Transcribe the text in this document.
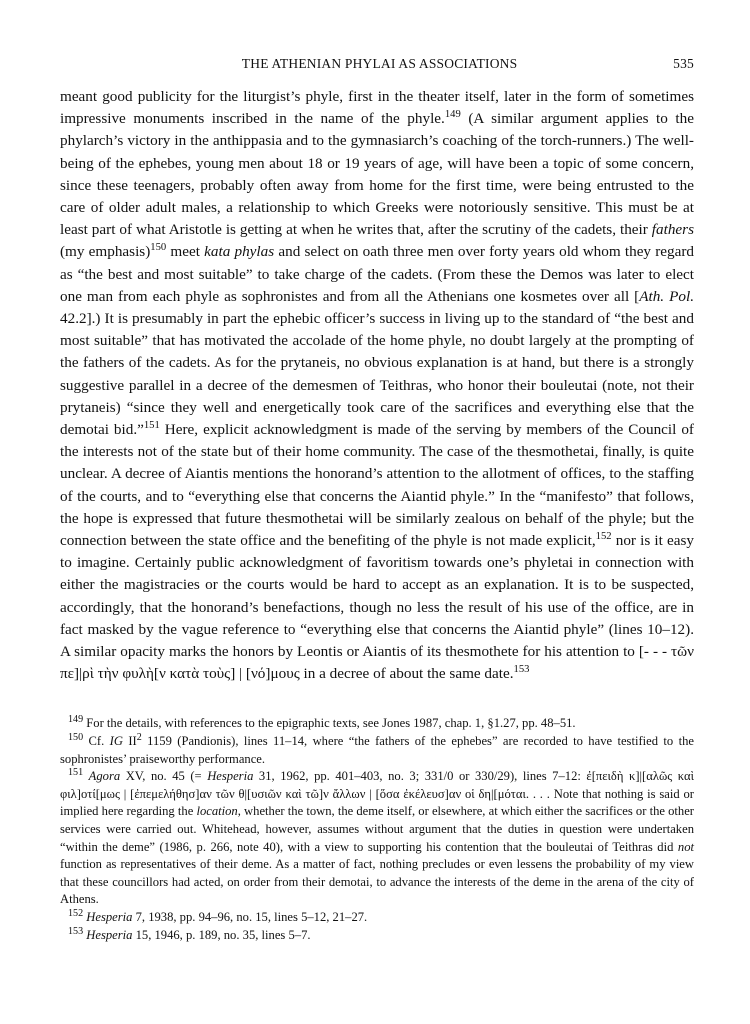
THE ATHENIAN PHYLAI AS ASSOCIATIONS	535

meant good publicity for the liturgist’s phyle, first in the theater itself, later in the form of sometimes impressive monuments inscribed in the name of the phyle.$^{149}$ (A similar argument applies to the phylarch’s victory in the anthippasia and to the gymnasiarch’s coaching of the torch-runners.) The well-being of the ephebes, young men about 18 or 19 years of age, will have been a topic of some concern, since these teenagers, probably often away from home for the first time, were being entrusted to the care of older adult males, a relationship to which Greeks were notoriously sensitive. This must be at least part of what Aristotle is getting at when he writes that, after the scrutiny of the cadets, their fathers (my emphasis)$^{150}$ meet kata phylas and select on oath three men over forty years old whom they regard as “the best and most suitable” to take charge of the cadets. (From these the Demos was later to elect one man from each phyle as sophronistes and from all the Athenians one kosmetes over all [Ath. Pol. 42.2].) It is presumably in part the ephebic officer’s success in living up to the standard of “the best and most suitable” that has motivated the accolade of the home phyle, no doubt largely at the prompting of the fathers of the cadets. As for the prytaneis, no obvious explanation is at hand, but there is a strongly suggestive parallel in a decree of the demesmen of Teithras, who honor their bouleutai (note, not their prytaneis) “since they well and energetically took care of the sacrifices and everything else that the demotai bid.”$^{151}$ Here, explicit acknowledgment is made of the serving by members of the Council of the interests not of the state but of their home community. The case of the thesmothetai, finally, is quite unclear. A decree of Aiantis mentions the honorand’s attention to the allotment of offices, to the staffing of the courts, and to “everything else that concerns the Aiantid phyle.” In the “manifesto” that follows, the hope is expressed that future thesmothetai will be similarly zealous on behalf of the phyle; but the connection between the state office and the benefiting of the phyle is not made explicit,$^{152}$ nor is it easy to imagine. Certainly public acknowledgment of favoritism towards one’s phyletai in connection with either the magistracies or the courts would be hard to accept as an explanation. It is to be suspected, accordingly, that the honorand’s benefactions, though no less the result of his use of the office, are in fact masked by the vague reference to “everything else that concerns the Aiantid phyle” (lines 10–12). A similar opacity marks the honors by Leontis or Aiantis of its thesmothete for his attention to [- - - τῶν πε]|ρὶ τὴν φυλὴ[ν κατὰ τοὺς] | [νό]μους in a decree of about the same date.$^{153}$

$^{149}$ For the details, with references to the epigraphic texts, see Jones 1987, chap. 1, §1.27, pp. 48–51.

$^{150}$ Cf. IG $II^2$ 1159 (Pandionis), lines 11–14, where “the fathers of the ephebes” are recorded to have testified to the sophronistes’ praiseworthy performance.

$^{151}$ Agora XV, no. 45 (= Hesperia 31, 1962, pp. 401–403, no. 3; 331/0 or 330/29), lines 7–12: ἐ[πειδὴ κ]|[αλῶς καὶ φιλ]οτί[μως | [ἐπεμελήθησ]αν τῶν θ|[υσιῶν καὶ τῶ]ν ἄλλων | [ὅσα ἐκέλευσ]αν οἱ δη|[μόται. . . . Note that nothing is said or implied here regarding the location, whether the town, the deme itself, or elsewhere, at which either the sacrifices or the other services were carried out. Whitehead, however, assumes without argument that the duties in question were undertaken “within the deme” (1986, p. 266, note 40), with a view to supporting his contention that the bouleutai of Teithras did not function as representatives of their deme. As a matter of fact, nothing precludes or even lessens the probability of my view that these councillors had acted, on order from their demotai, to advance the interests of the deme in the arena of the city of Athens.

$^{152}$ Hesperia 7, 1938, pp. 94–96, no. 15, lines 5–12, 21–27.

$^{153}$ Hesperia 15, 1946, p. 189, no. 35, lines 5–7.
